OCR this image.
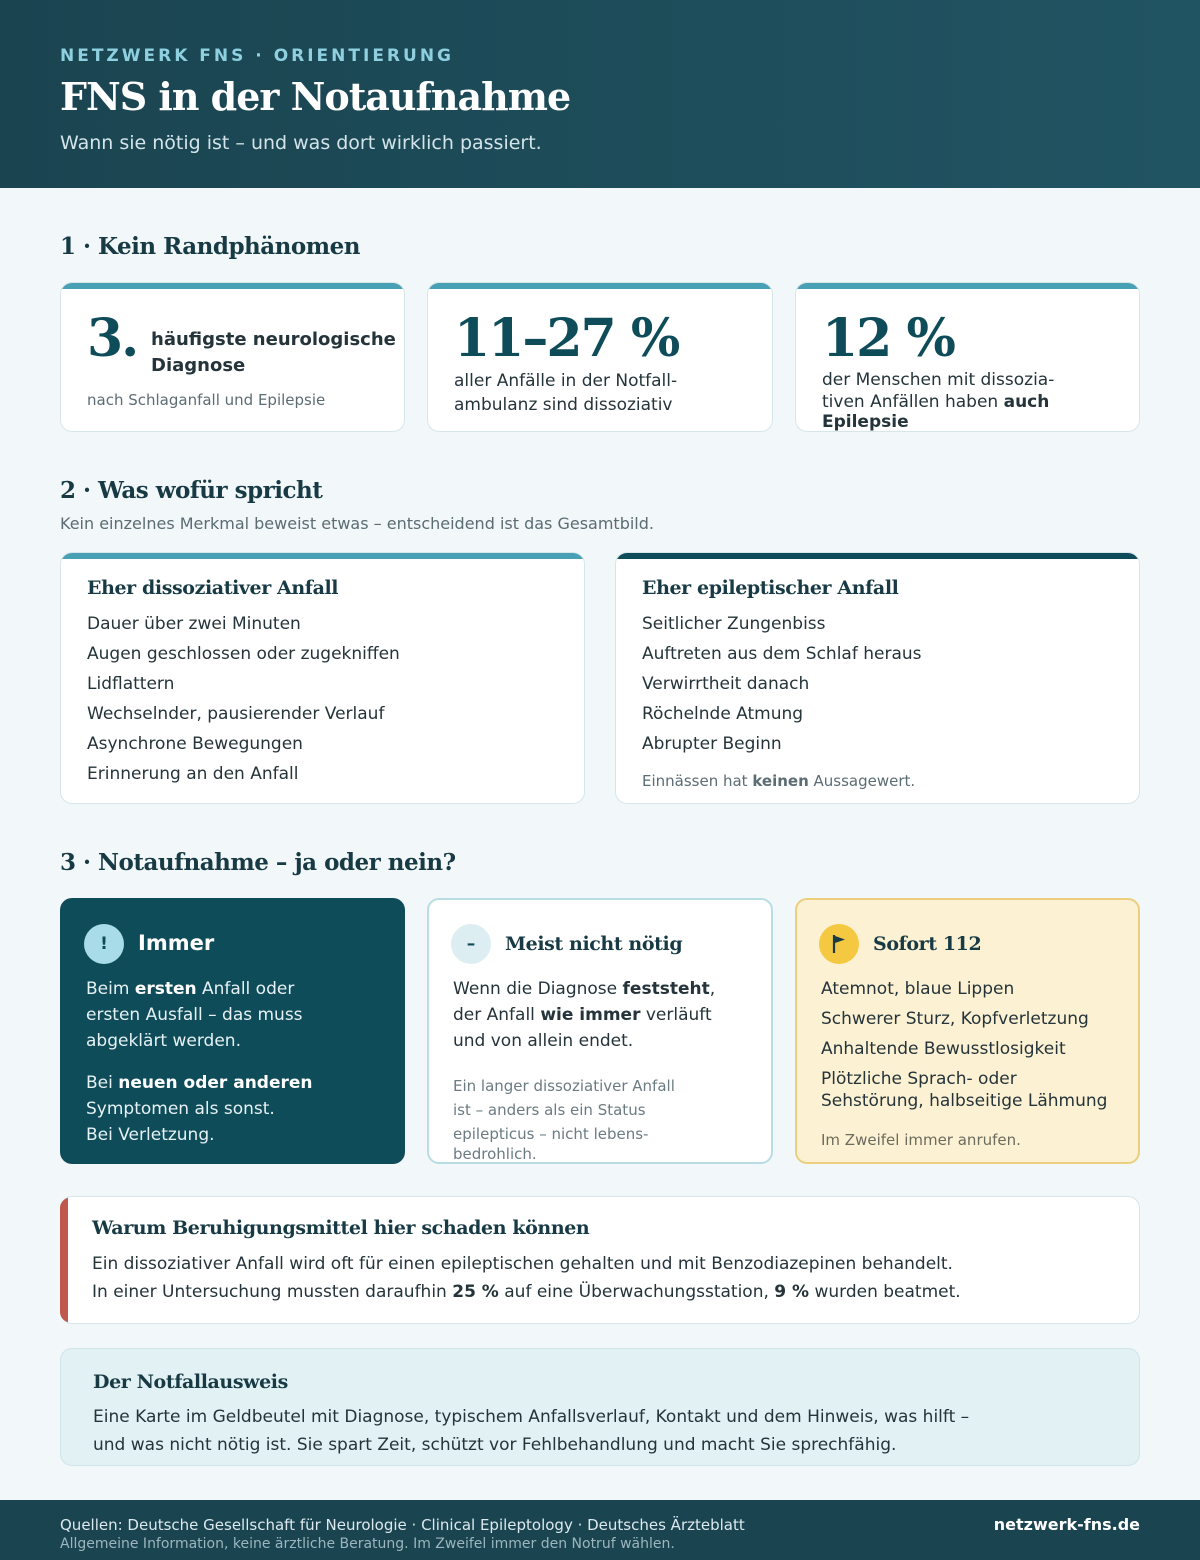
NETZWERK FNS · ORIENTIERUNG
FNS in der Notaufnahme
Wann sie nötig ist – und was dort wirklich passiert.
1 · Kein Randphänomen
3. häufigste neurologische
Diagnose
nach Schlaganfall und Epilepsie
11–27 %
aller Anfälle in der Notfall-
ambulanz sind dissoziativ
12 %
der Menschen mit dissozia-
tiven Anfällen haben auch
Epilepsie
2 · Was wofür spricht
Kein einzelnes Merkmal beweist etwas – entscheidend ist das Gesamtbild.
Eher dissoziativer Anfall
Dauer über zwei Minuten
Augen geschlossen oder zugekniffen
Lidflattern
Wechselnder, pausierender Verlauf
Asynchrone Bewegungen
Erinnerung an den Anfall
Eher epileptischer Anfall
Seitlicher Zungenbiss
Auftreten aus dem Schlaf heraus
Verwirrtheit danach
Röchelnde Atmung
Abrupter Beginn
Einnässen hat keinen Aussagewert.
3 · Notaufnahme – ja oder nein?
!	Immer
Beim ersten Anfall oder
ersten Ausfall – das muss
abgeklärt werden.
Bei neuen oder anderen
Symptomen als sonst.
Bei Verletzung.
–	Meist nicht nötig
Wenn die Diagnose feststeht,
der Anfall wie immer verläuft
und von allein endet.
Ein langer dissoziativer Anfall
ist – anders als ein Status
epilepticus – nicht lebens-
bedrohlich.
Sofort 112
Atemnot, blaue Lippen
Schwerer Sturz, Kopfverletzung
Anhaltende Bewusstlosigkeit
Plötzliche Sprach- oder
Sehstörung, halbseitige Lähmung
Im Zweifel immer anrufen.
Warum Beruhigungsmittel hier schaden können
Ein dissoziativer Anfall wird oft für einen epileptischen gehalten und mit Benzodiazepinen behandelt.
In einer Untersuchung mussten daraufhin 25 % auf eine Überwachungsstation, 9 % wurden beatmet.
Der Notfallausweis
Eine Karte im Geldbeutel mit Diagnose, typischem Anfallsverlauf, Kontakt und dem Hinweis, was hilft –
und was nicht nötig ist. Sie spart Zeit, schützt vor Fehlbehandlung und macht Sie sprechfähig.
Quellen: Deutsche Gesellschaft für Neurologie · Clinical Epileptology · Deutsches Ärzteblatt
Allgemeine Information, keine ärztliche Beratung. Im Zweifel immer den Notruf wählen.
netzwerk-fns.de
